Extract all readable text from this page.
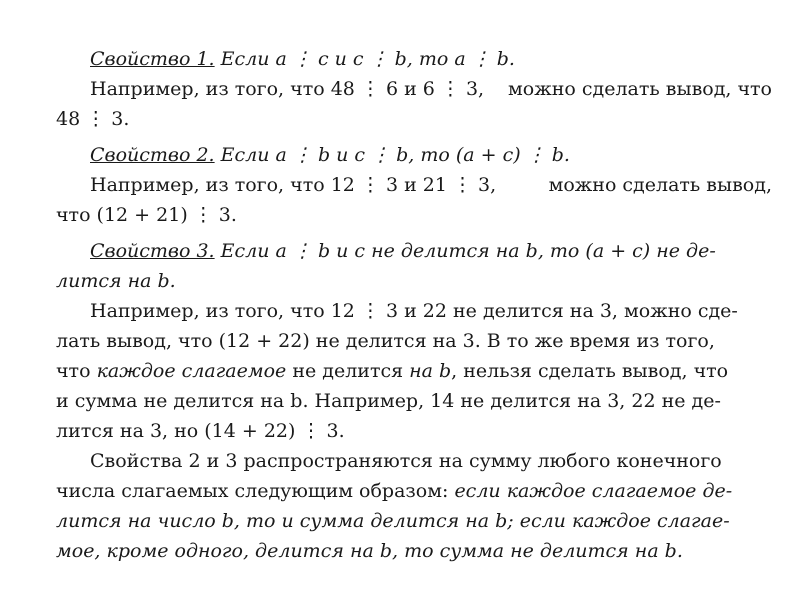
Свойство 1. Если a ⋮ c и c ⋮ b, то a ⋮ b.
Например, из того, что 48 ⋮ 6 и 6 ⋮ 3, можно сделать вывод, что
48 ⋮ 3.
Свойство 2. Если a ⋮ b и c ⋮ b, то (a + c) ⋮ b.
Например, из того, что 12 ⋮ 3 и 21 ⋮ 3,	можно сделать вывод,
что (12 + 21) ⋮ 3.
Свойство 3. Если a ⋮ b и c не делится на b, то (a + c) не де-
лится на b.
Например, из того, что 12 ⋮ 3 и 22 не делится на 3, можно сде-
лать вывод, что (12 + 22) не делится на 3. В то же время из того,
что каждое слагаемое не делится на b, нельзя сделать вывод, что
и сумма не делится на b. Например, 14 не делится на 3, 22 не де-
лится на 3, но (14 + 22) ⋮ 3.
Свойства 2 и 3 распространяются на сумму любого конечного
числа слагаемых следующим образом: если каждое слагаемое де-
лится на число b, то и сумма делится на b; если каждое слагае-
мое, кроме одного, делится на b, то сумма не делится на b.
